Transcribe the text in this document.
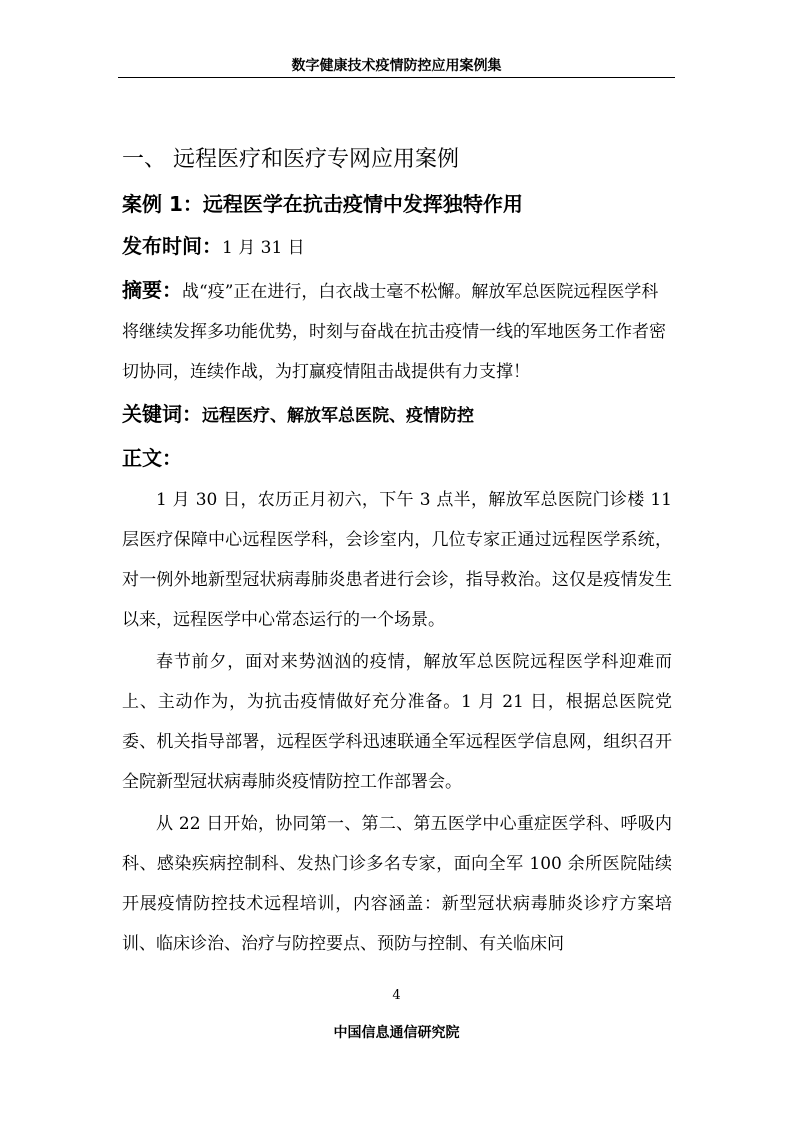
数字健康技术疫情防控应用案例集
一、 远程医疗和医疗专网应用案例
案例 1：远程医学在抗击疫情中发挥独特作用
发布时间：1 月 31 日
摘要：战“疫”正在进行，白衣战士毫不松懈。解放军总医院远程医学科将继续发挥多功能优势，时刻与奋战在抗击疫情一线的军地医务工作者密切协同，连续作战，为打赢疫情阻击战提供有力支撑！
关键词：远程医疗、解放军总医院、疫情防控
正文：

1 月 30 日，农历正月初六，下午 3 点半，解放军总医院门诊楼 11 层医疗保障中心远程医学科，会诊室内，几位专家正通过远程医学系统，对一例外地新型冠状病毒肺炎患者进行会诊，指导救治。这仅是疫情发生以来，远程医学中心常态运行的一个场景。

春节前夕，面对来势汹汹的疫情，解放军总医院远程医学科迎难而上、主动作为，为抗击疫情做好充分准备。1 月 21 日，根据总医院党委、机关指导部署，远程医学科迅速联通全军远程医学信息网，组织召开全院新型冠状病毒肺炎疫情防控工作部署会。

从 22 日开始，协同第一、第二、第五医学中心重症医学科、呼吸内科、感染疾病控制科、发热门诊多名专家，面向全军 100 余所医院陆续开展疫情防控技术远程培训，内容涵盖：新型冠状病毒肺炎诊疗方案培训、临床诊治、治疗与防控要点、预防与控制、有关临床问

4
中国信息通信研究院
